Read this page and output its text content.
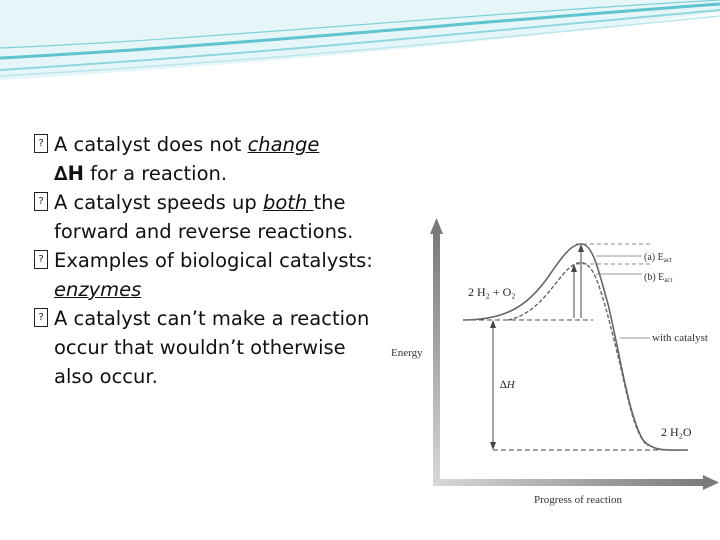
? A catalyst does not change
∆H for a reaction.
? A catalyst speeds up both the forward and reverse reactions.
? Examples of biological catalysts: enzymes
? A catalyst can’t make a reaction occur that wouldn’t otherwise also occur.
Energy
Progress of reaction
2 H₂ + O₂
2 H₂O
∆H
(a) $E_{act}$
(b) $E_{act}$
with catalyst
